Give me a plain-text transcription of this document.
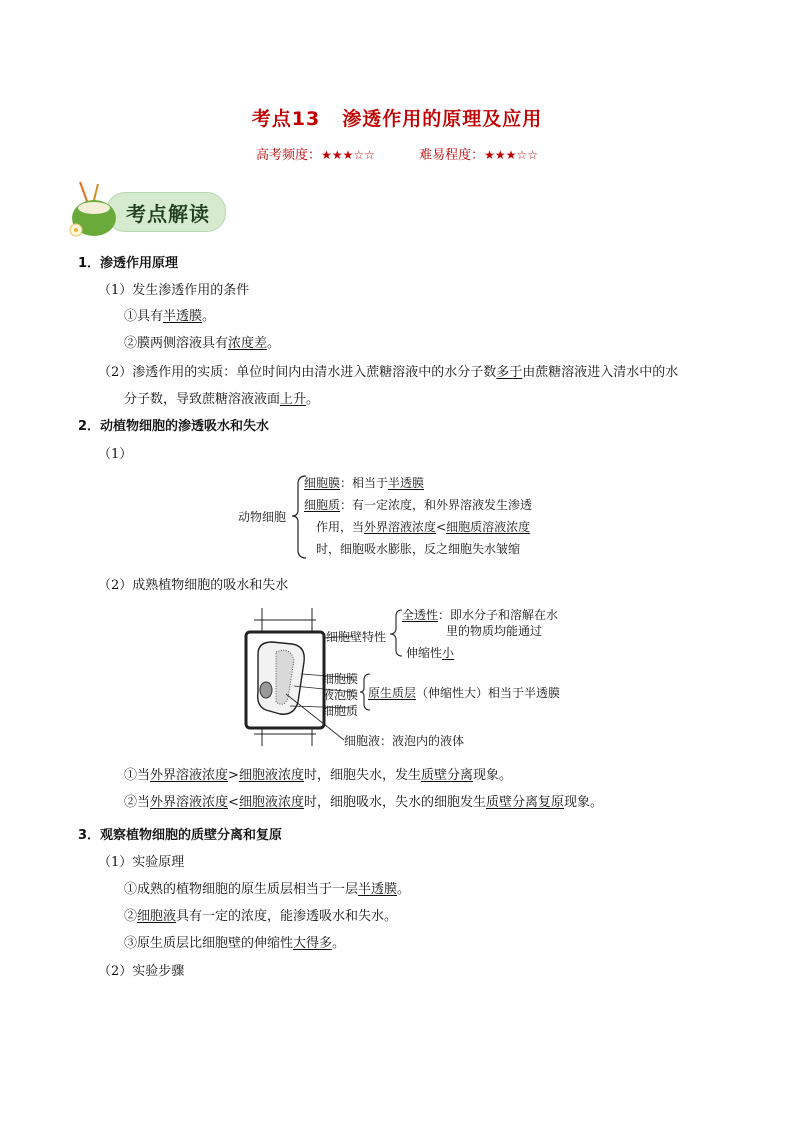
考点13 渗透作用的原理及应用
高考频度：★★★☆☆	难易程度：★★★☆☆
考点解读
1．渗透作用原理
（1）发生渗透作用的条件
①具有半透膜。
②膜两侧溶液具有浓度差。
（2）渗透作用的实质：单位时间内由清水进入蔗糖溶液中的水分子数多于由蔗糖溶液进入清水中的水
分子数，导致蔗糖溶液液面上升。
2．动植物细胞的渗透吸水和失水
（1）
动物细胞
细胞膜：相当于半透膜
细胞质：有一定浓度，和外界溶液发生渗透
作用，当外界溶液浓度<细胞质溶液浓度
时，细胞吸水膨胀，反之细胞失水皱缩
（2）成熟植物细胞的吸水和失水
细胞壁特性
全透性：即水分子和溶解在水
里的物质均能通过
伸缩性小
细胞膜
液泡膜
细胞质
原生质层（伸缩性大）相当于半透膜
细胞液：液泡内的液体
①当外界溶液浓度>细胞液浓度时，细胞失水，发生质壁分离现象。
②当外界溶液浓度<细胞液浓度时，细胞吸水，失水的细胞发生质壁分离复原现象。
3．观察植物细胞的质壁分离和复原
（1）实验原理
①成熟的植物细胞的原生质层相当于一层半透膜。
②细胞液具有一定的浓度，能渗透吸水和失水。
③原生质层比细胞壁的伸缩性大得多。
（2）实验步骤
